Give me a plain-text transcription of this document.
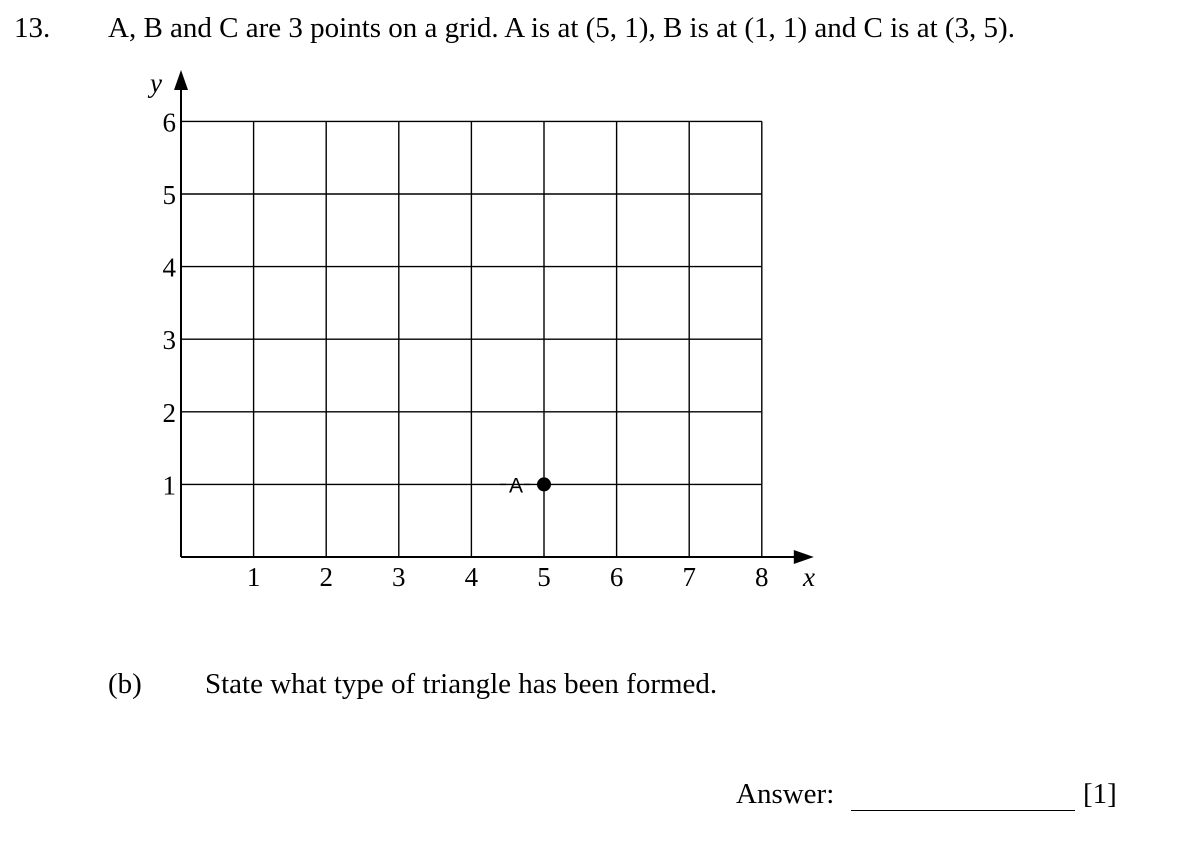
13. A, B and C are 3 points on a grid. A is at (5, 1), B is at (1, 1) and C is at (3, 5).
1 2 3 4 5 6 7 8
1
2
3
4
5
6
y
x
A
(b) State what type of triangle has been formed.
Answer:	[1]
